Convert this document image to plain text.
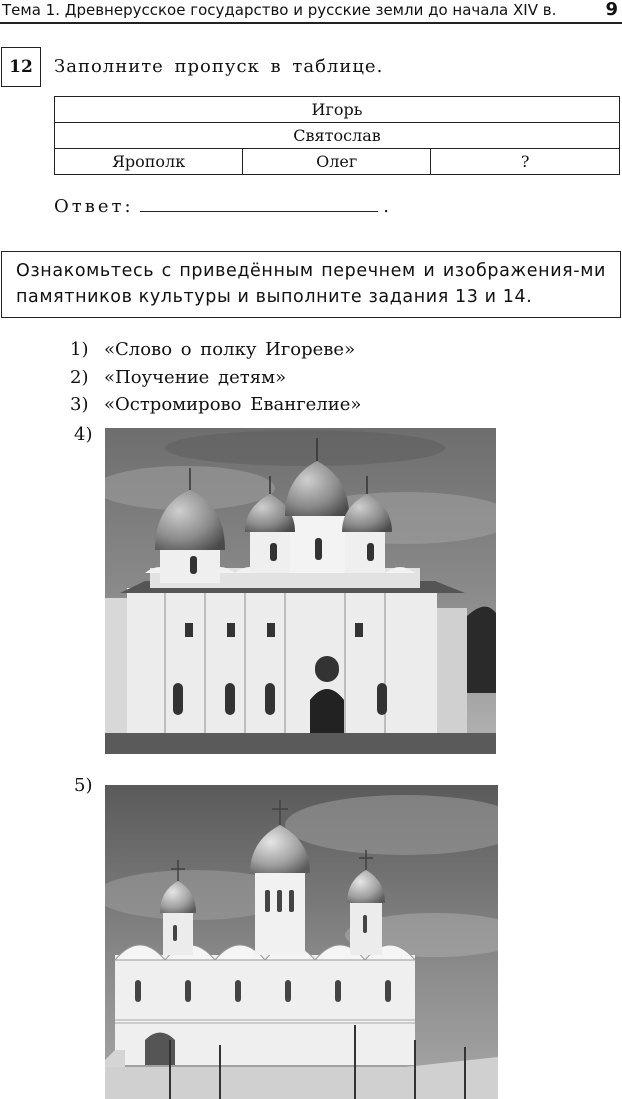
Тема 1. Древнерусское государство и русские земли до начала XIV в.	9
12 Заполните пропуск в таблице.
Игорь
Святослав
Ярополк	Олег	?
Ответ:	.
Ознакомьтесь с приведённым перечнем и изображения-ми памятников культуры и выполните задания 13 и 14.
1) «Слово о полку Игореве»
2) «Поучение детям»
3) «Остромирово Евангелие»
4)
5)
